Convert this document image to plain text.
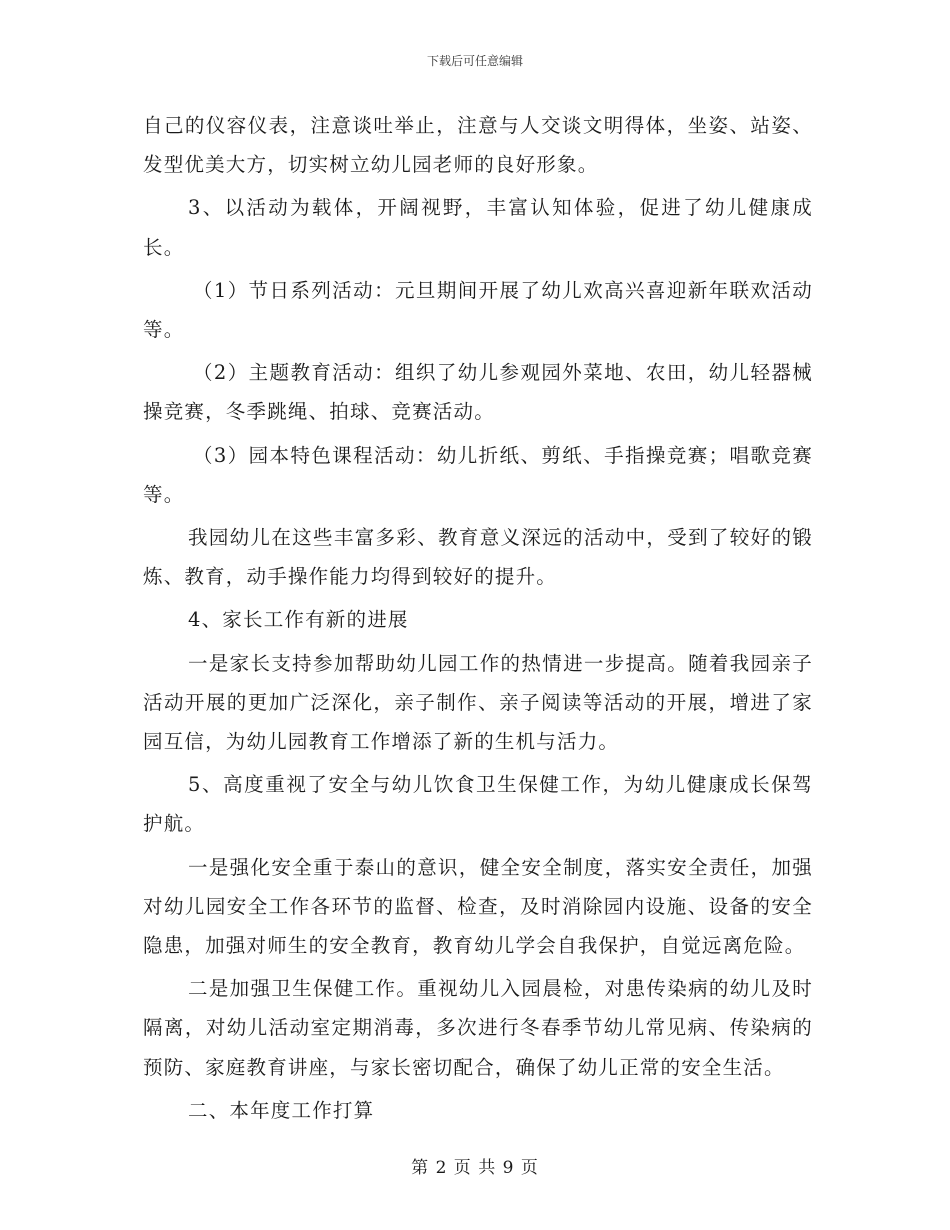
下载后可任意编辑

自己的仪容仪表，注意谈吐举止，注意与人交谈文明得体，坐姿、站姿、发型优美大方，切实树立幼儿园老师的良好形象。

3、以活动为载体，开阔视野，丰富认知体验，促进了幼儿健康成长。

（1）节日系列活动：元旦期间开展了幼儿欢高兴喜迎新年联欢活动等。

（2）主题教育活动：组织了幼儿参观园外菜地、农田，幼儿轻器械操竞赛，冬季跳绳、拍球、竞赛活动。

（3）园本特色课程活动：幼儿折纸、剪纸、手指操竞赛；唱歌竞赛等。

我园幼儿在这些丰富多彩、教育意义深远的活动中，受到了较好的锻炼、教育，动手操作能力均得到较好的提升。

4、家长工作有新的进展

一是家长支持参加帮助幼儿园工作的热情进一步提高。随着我园亲子活动开展的更加广泛深化，亲子制作、亲子阅读等活动的开展，增进了家园互信，为幼儿园教育工作增添了新的生机与活力。

5、高度重视了安全与幼儿饮食卫生保健工作，为幼儿健康成长保驾护航。

一是强化安全重于泰山的意识，健全安全制度，落实安全责任，加强对幼儿园安全工作各环节的监督、检查，及时消除园内设施、设备的安全隐患，加强对师生的安全教育，教育幼儿学会自我保护，自觉远离危险。

二是加强卫生保健工作。重视幼儿入园晨检，对患传染病的幼儿及时隔离，对幼儿活动室定期消毒，多次进行冬春季节幼儿常见病、传染病的预防、家庭教育讲座，与家长密切配合，确保了幼儿正常的安全生活。

二、本年度工作打算

第 2 页 共 9 页
